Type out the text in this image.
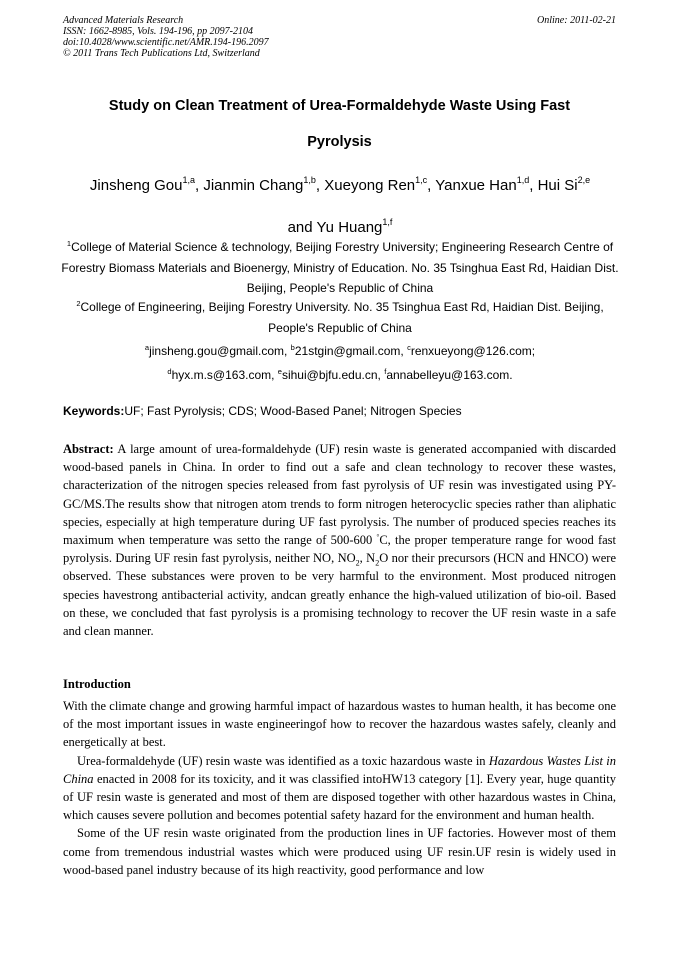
Advanced Materials Research
ISSN: 1662-8985, Vols. 194-196, pp 2097-2104
doi:10.4028/www.scientific.net/AMR.194-196.2097
© 2011 Trans Tech Publications Ltd, Switzerland
Online: 2011-02-21
Study on Clean Treatment of Urea-Formaldehyde Waste Using Fast
Pyrolysis
Jinsheng Gou$^{1,a}$, Jianmin Chang$^{1,b}$, Xueyong Ren$^{1,c}$, Yanxue Han$^{1,d}$, Hui Si$^{2,e}$
and Yu Huang$^{1,f}$
$^1$College of Material Science & technology, Beijing Forestry University; Engineering Research Centre of Forestry Biomass Materials and Bioenergy, Ministry of Education. No. 35 Tsinghua East Rd, Haidian Dist. Beijing, People's Republic of China
$^2$College of Engineering, Beijing Forestry University. No. 35 Tsinghua East Rd, Haidian Dist. Beijing, People's Republic of China
$^a$jinsheng.gou@gmail.com, $^b$21stgin@gmail.com, $^c$renxueyong@126.com;
$^d$hyx.m.s@163.com, $^e$sihui@bjfu.edu.cn, $^f$annabelleyu@163.com.
Keywords:UF; Fast Pyrolysis; CDS; Wood-Based Panel; Nitrogen Species

Abstract: A large amount of urea-formaldehyde (UF) resin waste is generated accompanied with discarded wood-based panels in China. In order to find out a safe and clean technology to recover these wastes, characterization of the nitrogen species released from fast pyrolysis of UF resin was investigated using PY-GC/MS.The results show that nitrogen atom trends to form nitrogen heterocyclic species rather than aliphatic species, especially at high temperature during UF fast pyrolysis. The number of produced species reaches its maximum when temperature was setto the range of 500-600 °C, the proper temperature range for wood fast pyrolysis. During UF resin fast pyrolysis, neither NO, $NO_2$, $N_2O$ nor their precursors (HCN and HNCO) were observed. These substances were proven to be very harmful to the environment. Most produced nitrogen species havestrong antibacterial activity, andcan greatly enhance the high-valued utilization of bio-oil. Based on these, we concluded that fast pyrolysis is a promising technology to recover the UF resin waste in a safe and clean manner.

Introduction

With the climate change and growing harmful impact of hazardous wastes to human health, it has become one of the most important issues in waste engineeringof how to recover the hazardous wastes safely, cleanly and energetically at best.

Urea-formaldehyde (UF) resin waste was identified as a toxic hazardous waste in Hazardous Wastes List in China enacted in 2008 for its toxicity, and it was classified intoHW13 category [1]. Every year, huge quantity of UF resin waste is generated and most of them are disposed together with other hazardous wastes in China, which causes severe pollution and becomes potential safety hazard for the environment and human health.

Some of the UF resin waste originated from the production lines in UF factories. However most of them come from tremendous industrial wastes which were produced using UF resin.UF resin is widely used in wood-based panel industry because of its high reactivity, good performance and low
